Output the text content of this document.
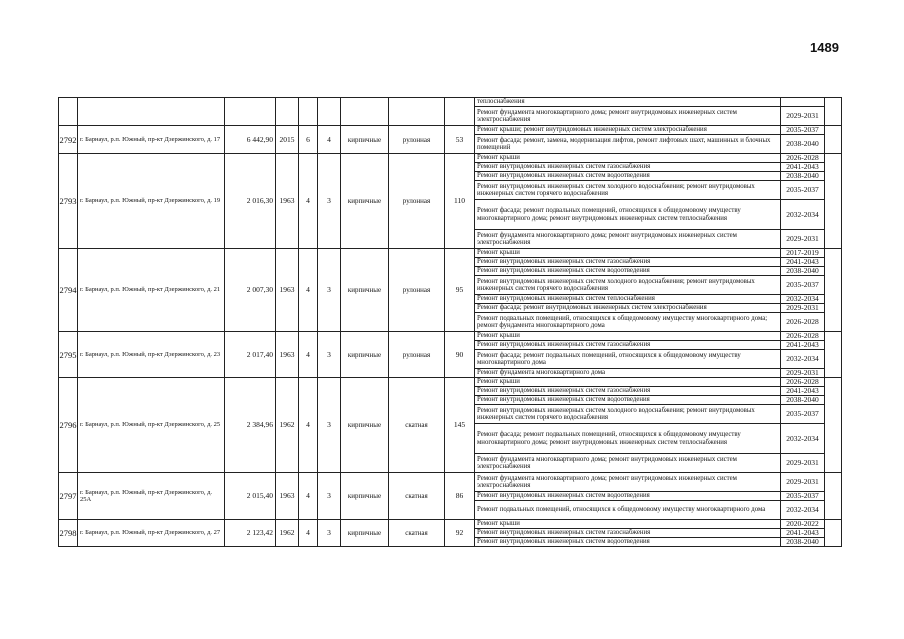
1489
									теплоснабжения		
									Ремонт фундамента многоквартирного дома; ремонт внутридомовых инженерных систем электроснабжения	2029-2031	
2792	г. Барнаул, р.п. Южный, пр-кт Дзержинского, д. 17	6 442,90	2015	6	4	кирпичные	рулонная	53	Ремонт крыши; ремонт внутридомовых инженерных систем электроснабжения	2035-2037	
									Ремонт фасада; ремонт, замена, модернизация лифтов, ремонт лифтовых шахт, машинных и блочных помещений	2038-2040	
2793	г. Барнаул, р.п. Южный, пр-кт Дзержинского, д. 19	2 016,30	1963	4	3	кирпичные	рулонная	110	Ремонт крыши	2026-2028	
									Ремонт внутридомовых инженерных систем газоснабжения	2041-2043	
									Ремонт внутридомовых инженерных систем водоотведения	2038-2040	
									Ремонт внутридомовых инженерных систем холодного водоснабжения; ремонт внутридомовых инженерных систем горячего водоснабжения	2035-2037	
									Ремонт фасада; ремонт подвальных помещений, относящихся к общедомовому имуществу многоквартирного дома; ремонт внутридомовых инженерных систем теплоснабжения	2032-2034	
									Ремонт фундамента многоквартирного дома; ремонт внутридомовых инженерных систем электроснабжения	2029-2031	
2794	г. Барнаул, р.п. Южный, пр-кт Дзержинского, д. 21	2 007,30	1963	4	3	кирпичные	рулонная	95	Ремонт крыши	2017-2019	
									Ремонт внутридомовых инженерных систем газоснабжения	2041-2043	
									Ремонт внутридомовых инженерных систем водоотведения	2038-2040	
									Ремонт внутридомовых инженерных систем холодного водоснабжения; ремонт внутридомовых инженерных систем горячего водоснабжения	2035-2037	
									Ремонт внутридомовых инженерных систем теплоснабжения	2032-2034	
									Ремонт фасада; ремонт внутридомовых инженерных систем электроснабжения	2029-2031	
									Ремонт подвальных помещений, относящихся к общедомовому имуществу многоквартирного дома; ремонт фундамента многоквартирного дома	2026-2028	
2795	г. Барнаул, р.п. Южный, пр-кт Дзержинского, д. 23	2 017,40	1963	4	3	кирпичные	рулонная	90	Ремонт крыши	2026-2028	
									Ремонт внутридомовых инженерных систем газоснабжения	2041-2043	
									Ремонт фасада; ремонт подвальных помещений, относящихся к общедомовому имуществу многоквартирного дома	2032-2034	
									Ремонт фундамента многоквартирного дома	2029-2031	
2796	г. Барнаул, р.п. Южный, пр-кт Дзержинского, д. 25	2 384,96	1962	4	3	кирпичные	скатная	145	Ремонт крыши	2026-2028	
									Ремонт внутридомовых инженерных систем газоснабжения	2041-2043	
									Ремонт внутридомовых инженерных систем водоотведения	2038-2040	
									Ремонт внутридомовых инженерных систем холодного водоснабжения; ремонт внутридомовых инженерных систем горячего водоснабжения	2035-2037	
									Ремонт фасада; ремонт подвальных помещений, относящихся к общедомовому имуществу многоквартирного дома; ремонт внутридомовых инженерных систем теплоснабжения	2032-2034	
									Ремонт фундамента многоквартирного дома; ремонт внутридомовых инженерных систем электроснабжения	2029-2031	
2797	г. Барнаул, р.п. Южный, пр-кт Дзержинского, д. 25А	2 015,40	1963	4	3	кирпичные	скатная	86	Ремонт фундамента многоквартирного дома; ремонт внутридомовых инженерных систем электроснабжения	2029-2031	
									Ремонт внутридомовых инженерных систем водоотведения	2035-2037	
									Ремонт подвальных помещений, относящихся к общедомовому имуществу многоквартирного дома	2032-2034	
2798	г. Барнаул, р.п. Южный, пр-кт Дзержинского, д. 27	2 123,42	1962	4	3	кирпичные	скатная	92	Ремонт крыши	2020-2022	
									Ремонт внутридомовых инженерных систем газоснабжения	2041-2043	
									Ремонт внутридомовых инженерных систем водоотведения	2038-2040	
